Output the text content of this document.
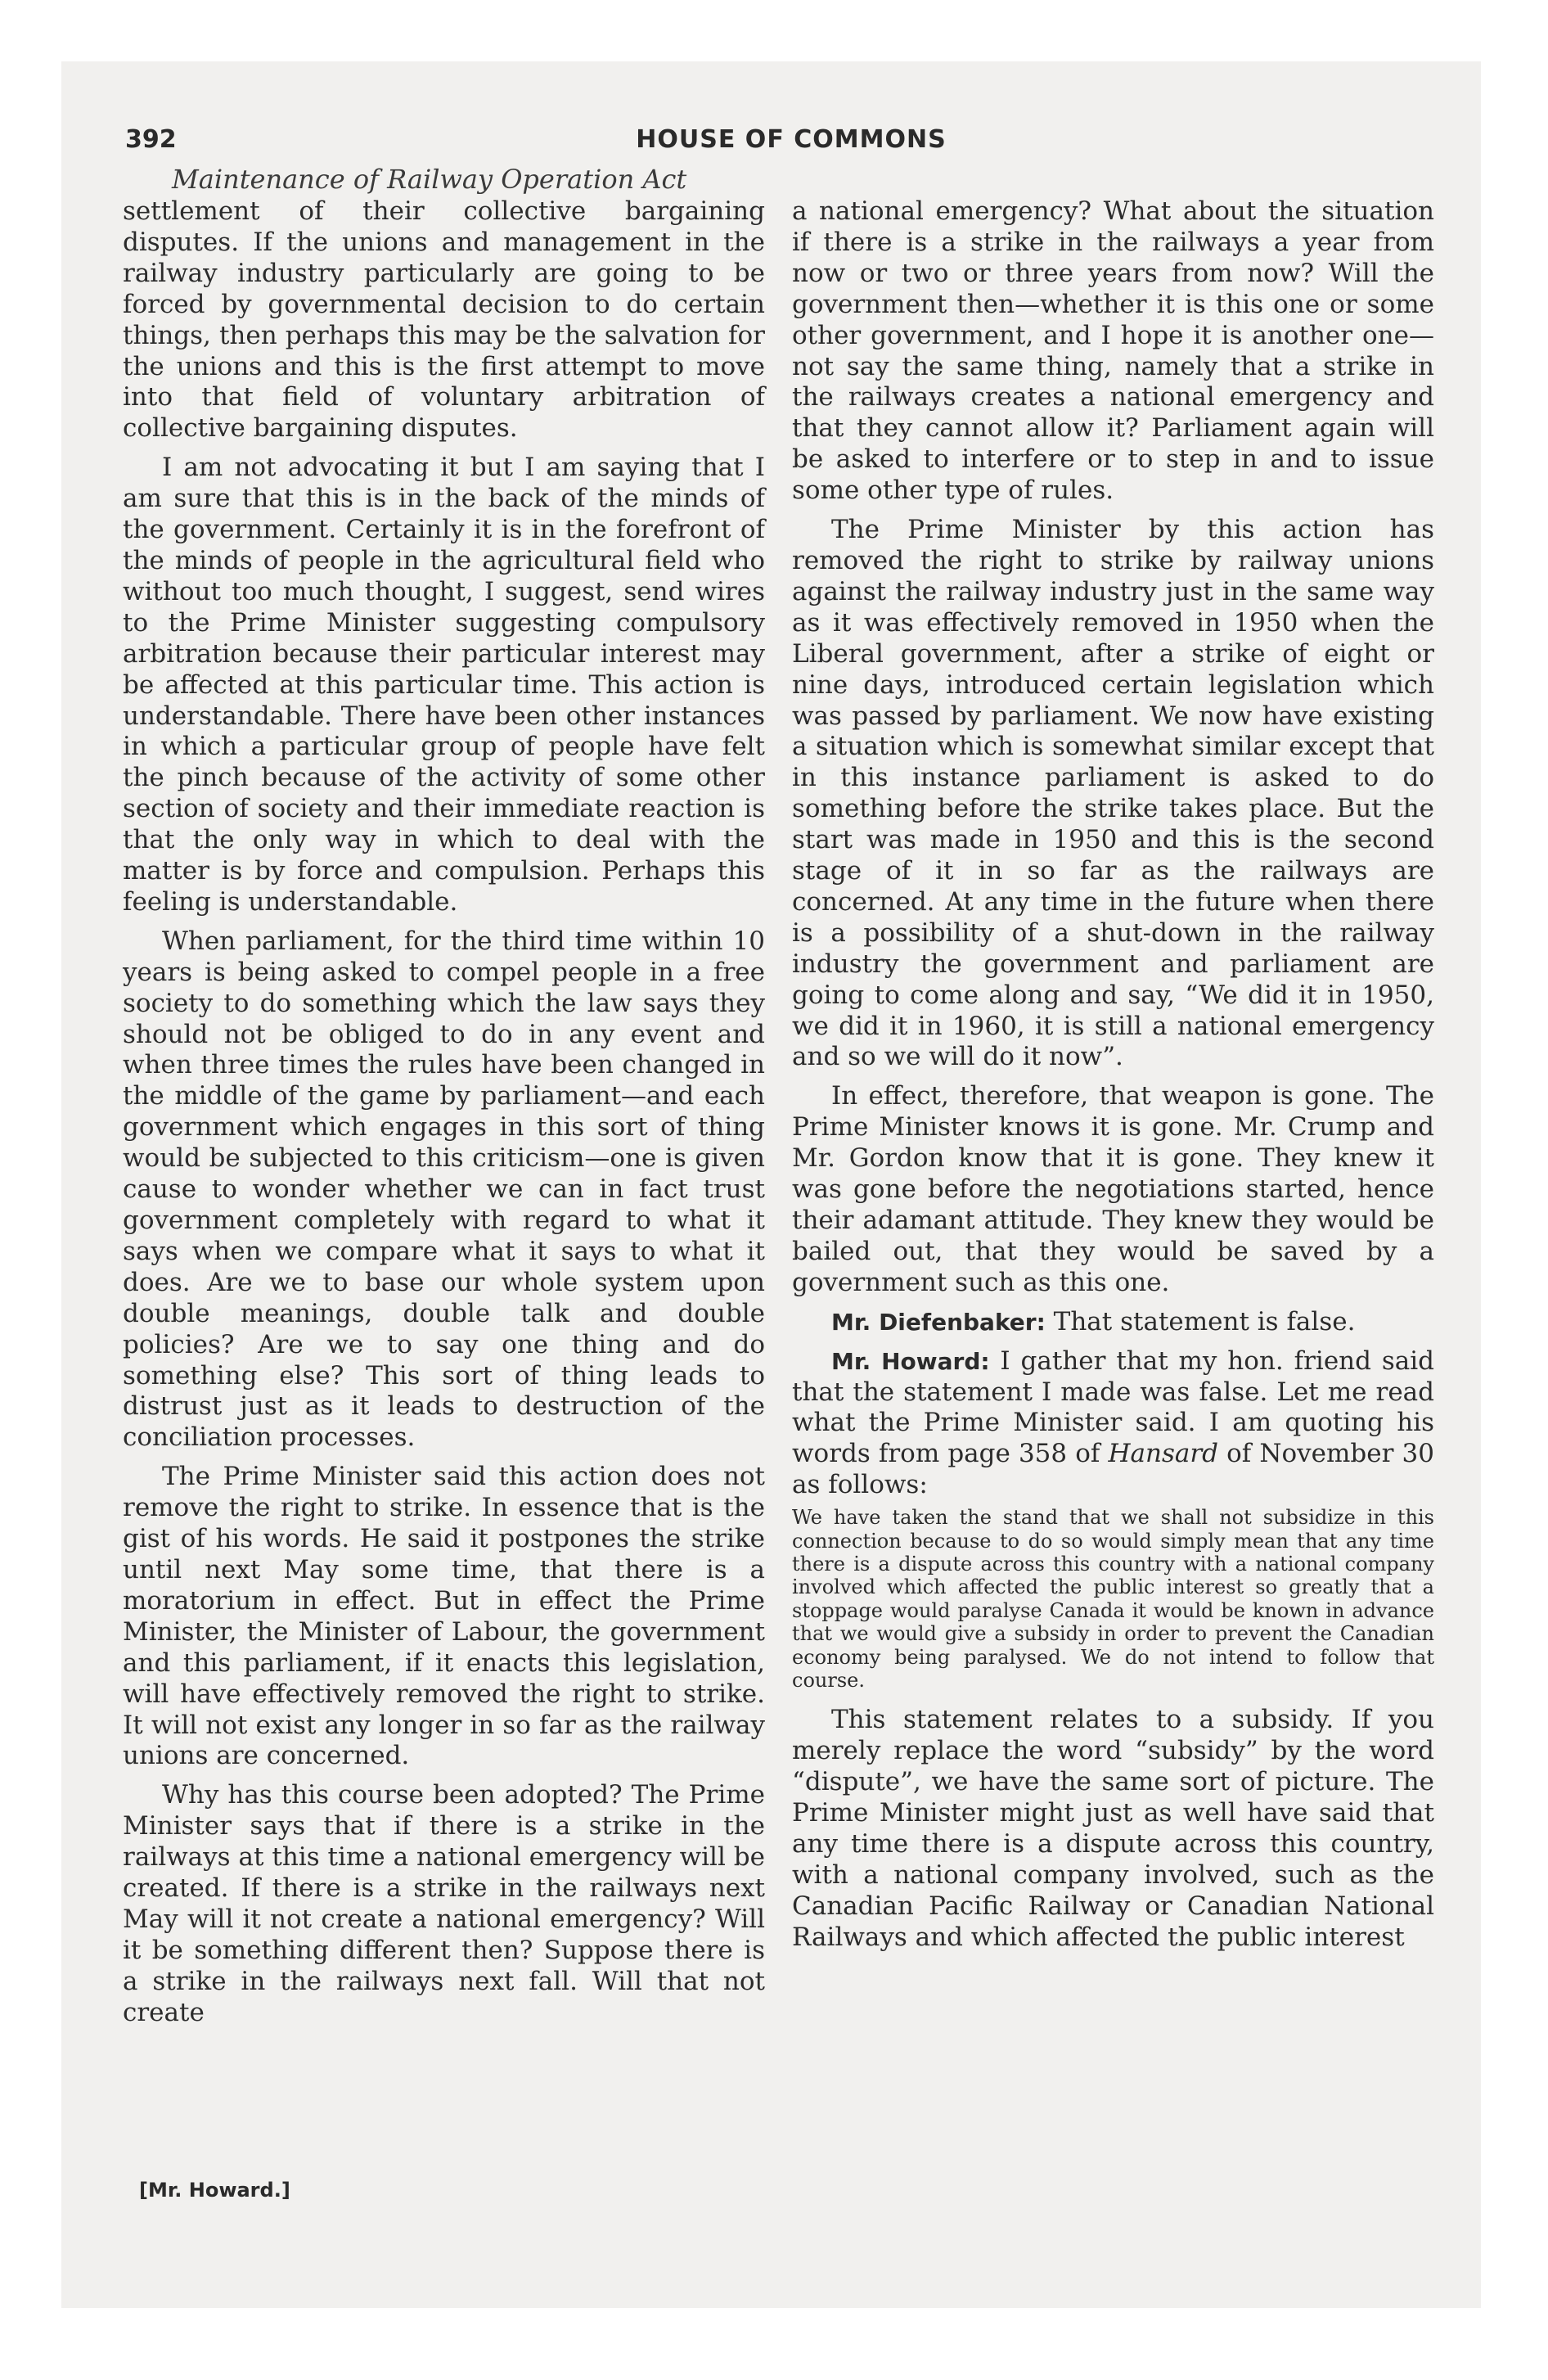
392	HOUSE OF COMMONS
Maintenance of Railway Operation Act

settlement of their collective bargaining disputes. If the unions and management in the railway industry particularly are going to be forced by governmental decision to do certain things, then perhaps this may be the salvation for the unions and this is the first attempt to move into that field of voluntary arbitration of collective bargaining disputes.

I am not advocating it but I am saying that I am sure that this is in the back of the minds of the government. Certainly it is in the forefront of the minds of people in the agricultural field who without too much thought, I suggest, send wires to the Prime Minister suggesting compulsory arbitration because their particular interest may be affected at this particular time. This action is understandable. There have been other instances in which a particular group of people have felt the pinch because of the activity of some other section of society and their immediate reaction is that the only way in which to deal with the matter is by force and compulsion. Perhaps this feeling is understandable.

When parliament, for the third time within 10 years is being asked to compel people in a free society to do something which the law says they should not be obliged to do in any event and when three times the rules have been changed in the middle of the game by parliament—and each government which engages in this sort of thing would be subjected to this criticism—one is given cause to wonder whether we can in fact trust government completely with regard to what it says when we compare what it says to what it does. Are we to base our whole system upon double meanings, double talk and double policies? Are we to say one thing and do something else? This sort of thing leads to distrust just as it leads to destruction of the conciliation processes.

The Prime Minister said this action does not remove the right to strike. In essence that is the gist of his words. He said it postpones the strike until next May some time, that there is a moratorium in effect. But in effect the Prime Minister, the Minister of Labour, the government and this parliament, if it enacts this legislation, will have effectively removed the right to strike. It will not exist any longer in so far as the railway unions are concerned.

Why has this course been adopted? The Prime Minister says that if there is a strike in the railways at this time a national emergency will be created. If there is a strike in the railways next May will it not create a national emergency? Will it be something different then? Suppose there is a strike in the railways next fall. Will that not create

a national emergency? What about the situation if there is a strike in the railways a year from now or two or three years from now? Will the government then—whether it is this one or some other government, and I hope it is another one—not say the same thing, namely that a strike in the railways creates a national emergency and that they cannot allow it? Parliament again will be asked to interfere or to step in and to issue some other type of rules.

The Prime Minister by this action has removed the right to strike by railway unions against the railway industry just in the same way as it was effectively removed in 1950 when the Liberal government, after a strike of eight or nine days, introduced certain legislation which was passed by parliament. We now have existing a situation which is somewhat similar except that in this instance parliament is asked to do something before the strike takes place. But the start was made in 1950 and this is the second stage of it in so far as the railways are concerned. At any time in the future when there is a possibility of a shut-down in the railway industry the government and parliament are going to come along and say, “We did it in 1950, we did it in 1960, it is still a national emergency and so we will do it now”.

In effect, therefore, that weapon is gone. The Prime Minister knows it is gone. Mr. Crump and Mr. Gordon know that it is gone. They knew it was gone before the negotiations started, hence their adamant attitude. They knew they would be bailed out, that they would be saved by a government such as this one.

Mr. Diefenbaker: That statement is false.

Mr. Howard: I gather that my hon. friend said that the statement I made was false. Let me read what the Prime Minister said. I am quoting his words from page 358 of Hansard of November 30 as follows:

We have taken the stand that we shall not subsidize in this connection because to do so would simply mean that any time there is a dispute across this country with a national company involved which affected the public interest so greatly that a stoppage would paralyse Canada it would be known in advance that we would give a subsidy in order to prevent the Canadian economy being paralysed. We do not intend to follow that course.

This statement relates to a subsidy. If you merely replace the word “subsidy” by the word “dispute”, we have the same sort of picture. The Prime Minister might just as well have said that any time there is a dispute across this country, with a national company involved, such as the Canadian Pacific Railway or Canadian National Railways and which affected the public interest

[Mr. Howard.]
